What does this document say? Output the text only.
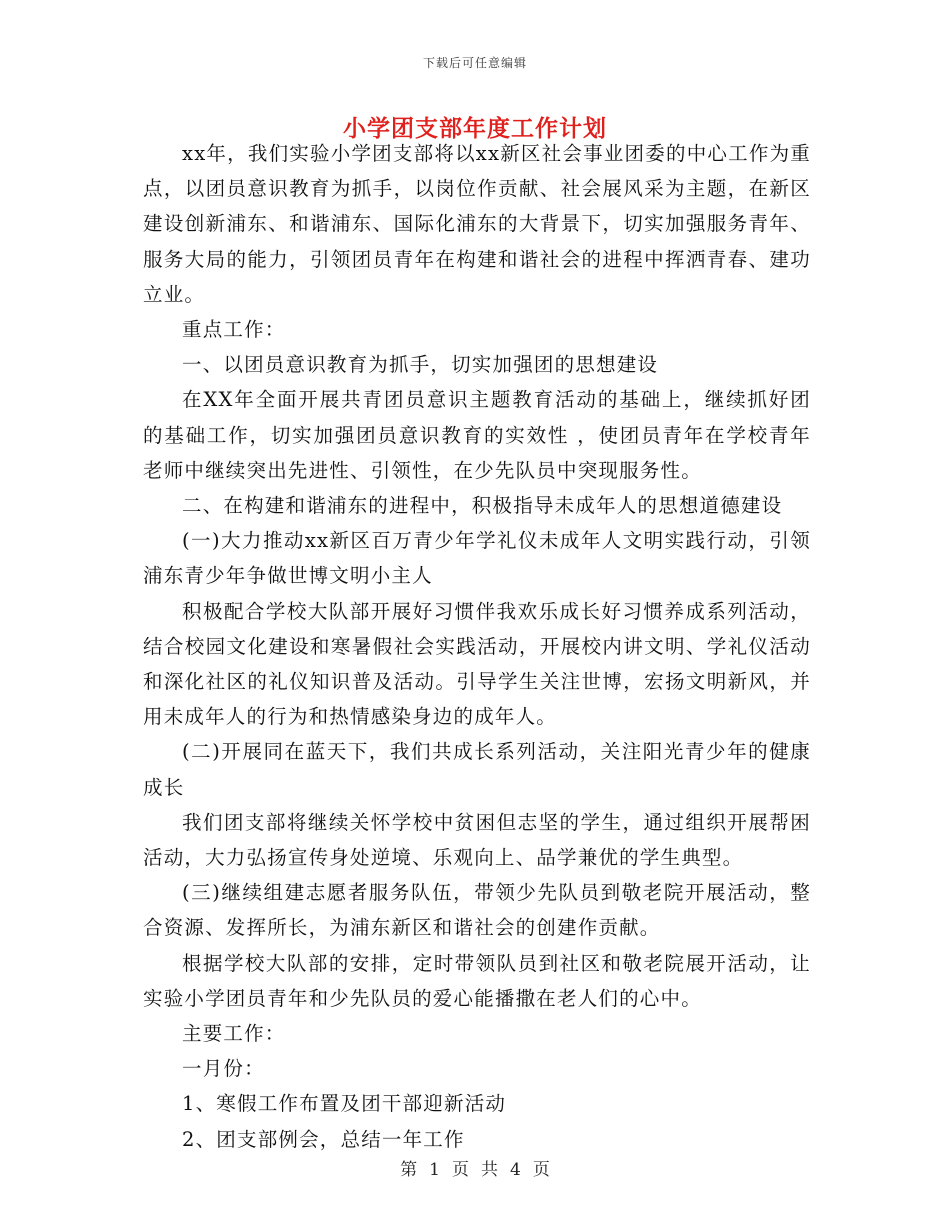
下载后可任意编辑
小学团支部年度工作计划

xx年，我们实验小学团支部将以xx新区社会事业团委的中心工作为重点，以团员意识教育为抓手，以岗位作贡献、社会展风采为主题，在新区建设创新浦东、和谐浦东、国际化浦东的大背景下，切实加强服务青年、服务大局的能力，引领团员青年在构建和谐社会的进程中挥洒青春、建功立业。

重点工作：

一、以团员意识教育为抓手，切实加强团的思想建设

在XX年全面开展共青团员意识主题教育活动的基础上，继续抓好团的基础工作，切实加强团员意识教育的实效性 ，使团员青年在学校青年老师中继续突出先进性、引领性，在少先队员中突现服务性。

二、在构建和谐浦东的进程中，积极指导未成年人的思想道德建设

(一)大力推动xx新区百万青少年学礼仪未成年人文明实践行动，引领浦东青少年争做世博文明小主人

积极配合学校大队部开展好习惯伴我欢乐成长好习惯养成系列活动，结合校园文化建设和寒暑假社会实践活动，开展校内讲文明、学礼仪活动和深化社区的礼仪知识普及活动。引导学生关注世博，宏扬文明新风，并用未成年人的行为和热情感染身边的成年人。

(二)开展同在蓝天下，我们共成长系列活动，关注阳光青少年的健康成长

我们团支部将继续关怀学校中贫困但志坚的学生，通过组织开展帮困活动，大力弘扬宣传身处逆境、乐观向上、品学兼优的学生典型。

(三)继续组建志愿者服务队伍，带领少先队员到敬老院开展活动，整合资源、发挥所长，为浦东新区和谐社会的创建作贡献。

根据学校大队部的安排，定时带领队员到社区和敬老院展开活动，让实验小学团员青年和少先队员的爱心能播撒在老人们的心中。

主要工作：

一月份：

1、寒假工作布置及团干部迎新活动

2、团支部例会，总结一年工作

第 1 页 共 4 页
